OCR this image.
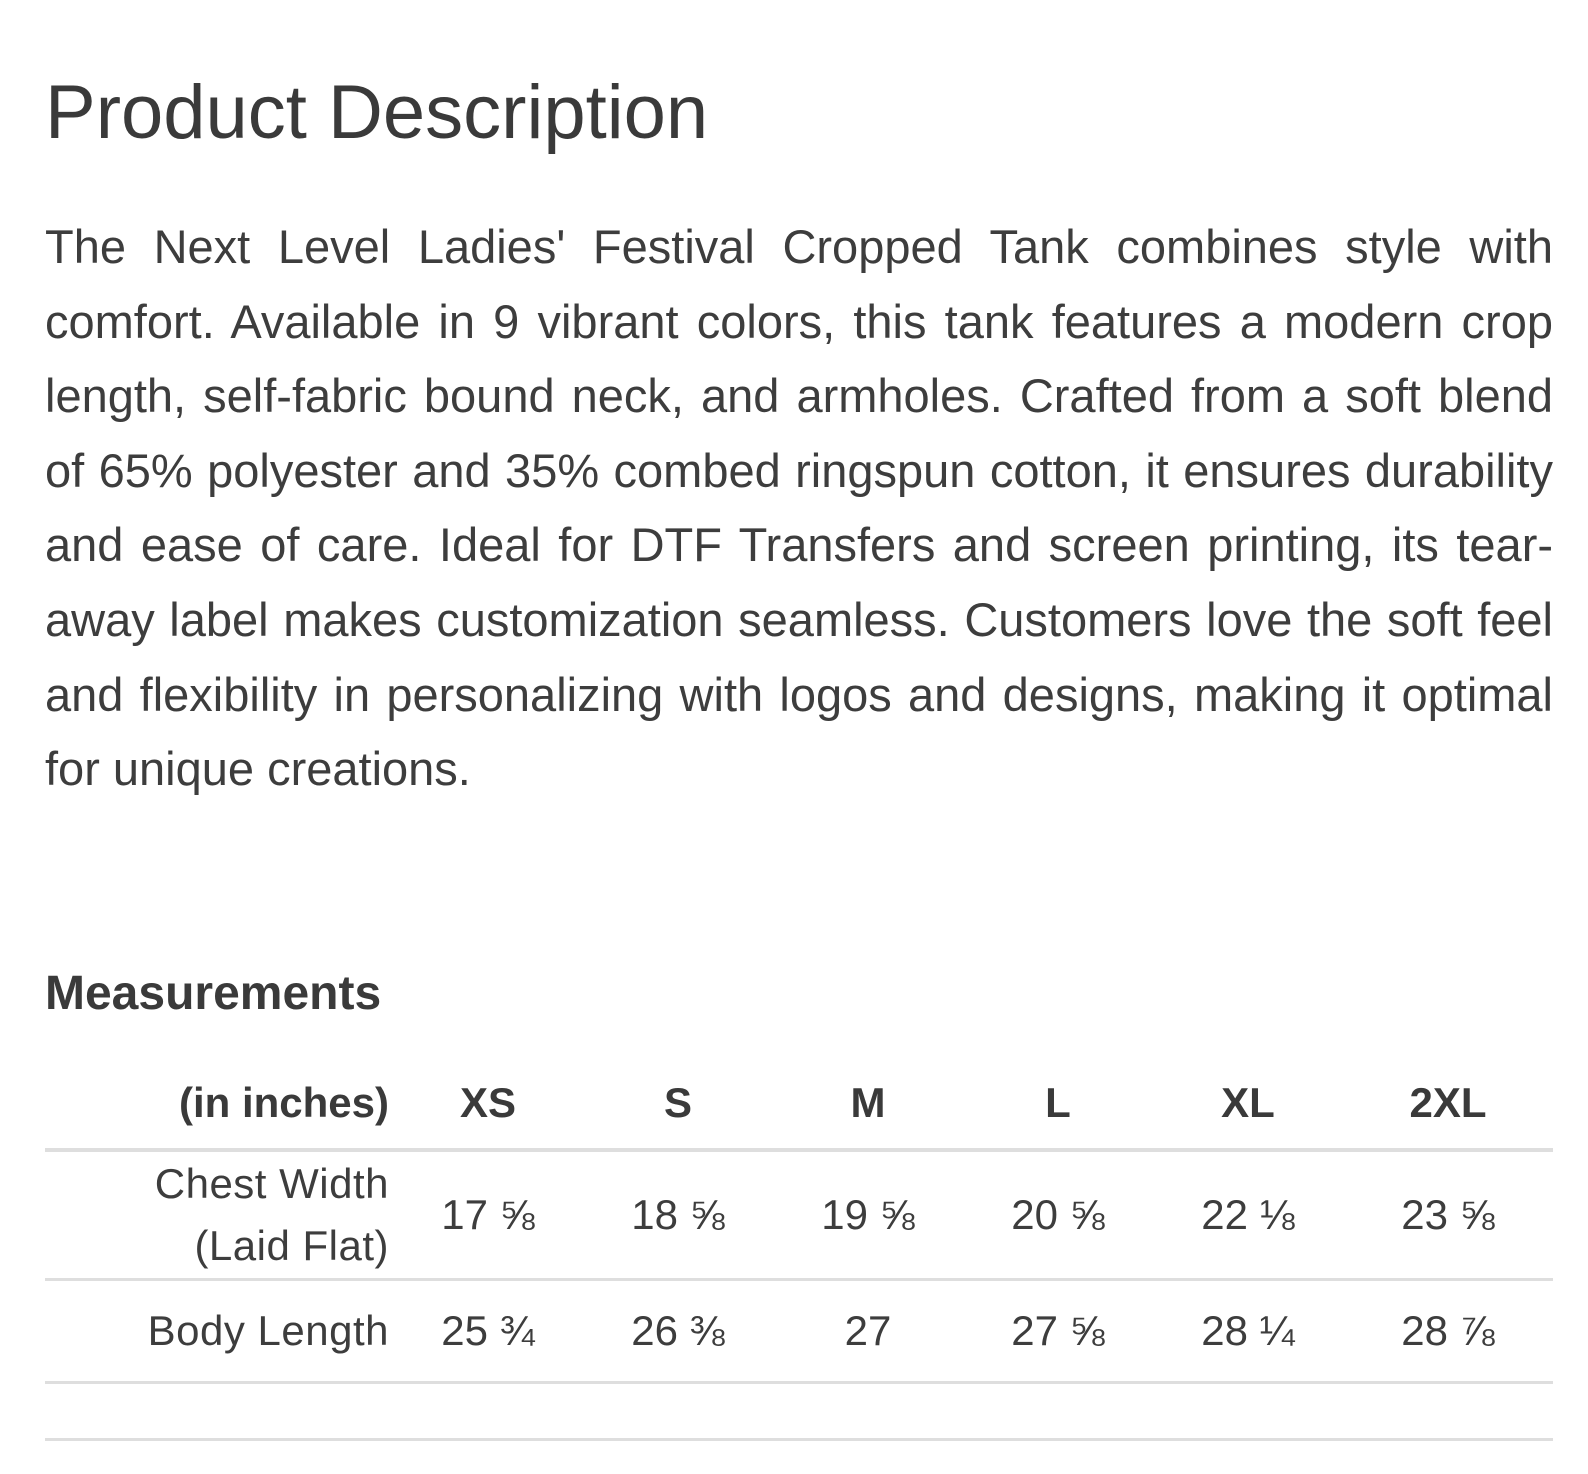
Product Description

The Next Level Ladies' Festival Cropped Tank combines style with comfort. Available in 9 vibrant colors, this tank features a modern crop length, self-fabric bound neck, and armholes. Crafted from a soft blend of 65% polyester and 35% combed ringspun cotton, it ensures durability and ease of care. Ideal for DTF Transfers and screen printing, its tear-away label makes customization seamless. Customers love the soft feel and flexibility in personalizing with logos and designs, making it optimal for unique creations.

Measurements
(in inches)	XS	S	M	L	XL	2XL

Chest Width
(Laid Flat)	17 ⅝	18 ⅝	19 ⅝	20 ⅝	22 ⅛	23 ⅝
Body Length	25 ¾	26 ⅜	27	27 ⅝	28 ¼	28 ⅞
